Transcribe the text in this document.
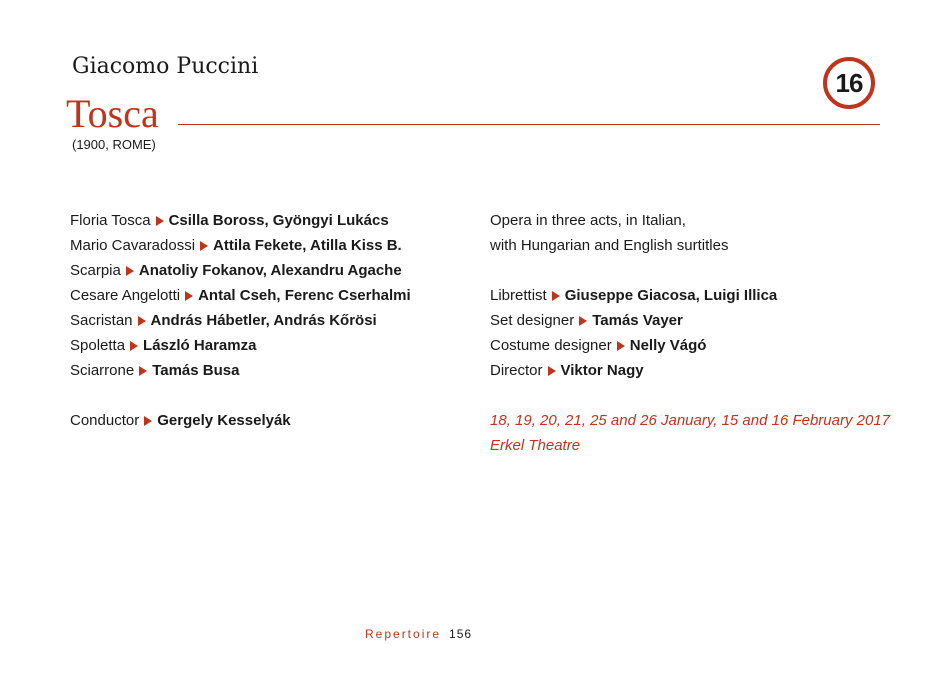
Giacomo Puccini
Tosca
(1900, ROME)
16
Floria Tosca Csilla Boross, Gyöngyi Lukács
Mario Cavaradossi Attila Fekete, Atilla Kiss B.
Scarpia Anatoliy Fokanov, Alexandru Agache
Cesare Angelotti Antal Cseh, Ferenc Cserhalmi
Sacristan András Hábetler, András Kőrösi
Spoletta László Haramza
Sciarrone Tamás Busa
Conductor Gergely Kesselyák
Opera in three acts, in Italian,
with Hungarian and English surtitles
Librettist Giuseppe Giacosa, Luigi Illica
Set designer Tamás Vayer
Costume designer Nelly Vágó
Director Viktor Nagy
18, 19, 20, 21, 25 and 26 January, 15 and 16 February 2017
Erkel Theatre
Repertoire 156
